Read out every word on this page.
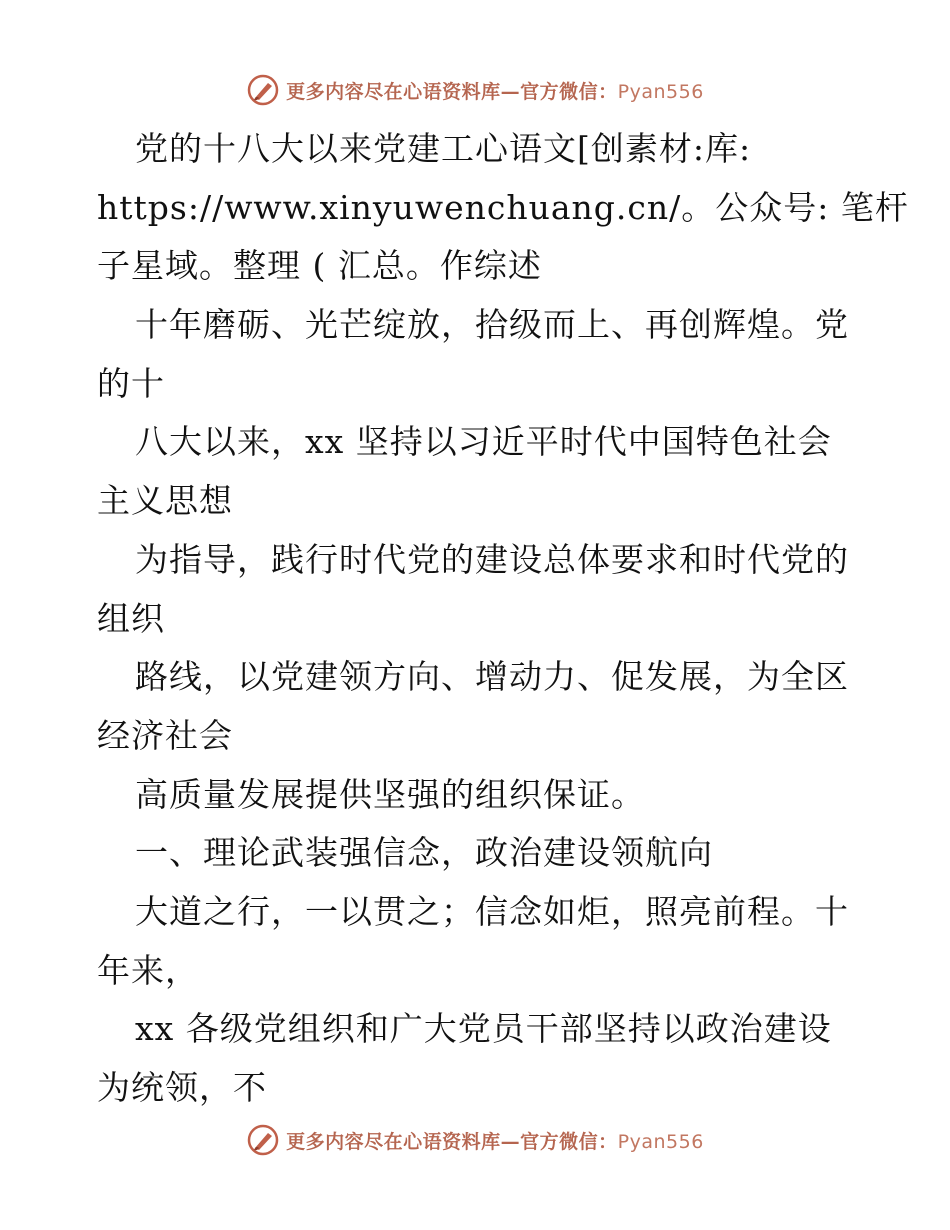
更多内容尽在心语资料库—官方微信：Pyan556
党的十八大以来党建工心语文[创素材:库:
https://www.xinyuwenchuang.cn/。公众号: 笔杆
子星域。整理 ( 汇总。作综述
十年磨砺、光芒绽放，拾级而上、再创辉煌。党
的十
八大以来，xx 坚持以习近平时代中国特色社会
主义思想
为指导，践行时代党的建设总体要求和时代党的
组织
路线，以党建领方向、增动力、促发展，为全区
经济社会
高质量发展提供坚强的组织保证。
一、理论武装强信念，政治建设领航向
大道之行，一以贯之；信念如炬，照亮前程。十
年来，
xx 各级党组织和广大党员干部坚持以政治建设
为统领，不
更多内容尽在心语资料库—官方微信：Pyan556
